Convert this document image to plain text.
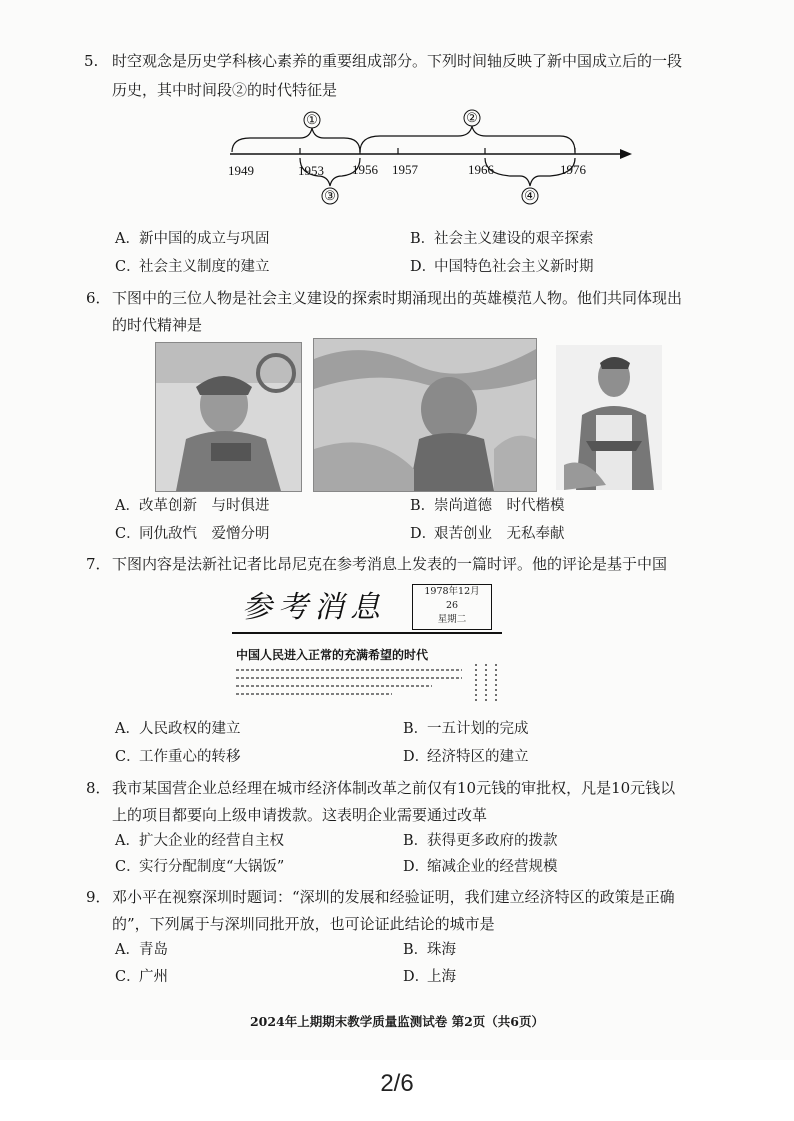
5. 时空观念是历史学科核心素养的重要组成部分。下列时间轴反映了新中国成立后的一段
历史，其中时间段②的时代特征是
①	②
③	④
1949	1953 1956 1957	1966	1976
A．新中国的成立与巩固	B．社会主义建设的艰辛探索
C．社会主义制度的建立	D．中国特色社会主义新时期
6． 下图中的三位人物是社会主义建设的探索时期涌现出的英雄模范人物。他们共同体现出
的时代精神是
A．改革创新　与时俱进	B．崇尚道德　时代楷模
C．同仇敌忾　爱憎分明	D．艰苦创业　无私奉献
7． 下图内容是法新社记者比昂尼克在参考消息上发表的一篇时评。他的评论是基于中国
参考消息	1978年12月
26
星期二
中国人民进入正常的充满希望的时代
A．人民政权的建立	B．一五计划的完成
C．工作重心的转移	D．经济特区的建立
8． 我市某国营企业总经理在城市经济体制改革之前仅有10元钱的审批权，凡是10元钱以
上的项目都要向上级申请拨款。这表明企业需要通过改革
A．扩大企业的经营自主权	B．获得更多政府的拨款
C．实行分配制度“大锅饭”	D．缩减企业的经营规模
9． 邓小平在视察深圳时题词：“深圳的发展和经验证明，我们建立经济特区的政策是正确
的”，下列属于与深圳同批开放，也可论证此结论的城市是
A．青岛	B．珠海
C．广州	D．上海
2024年上期期末教学质量监测试卷 第2页（共6页）
2/6
